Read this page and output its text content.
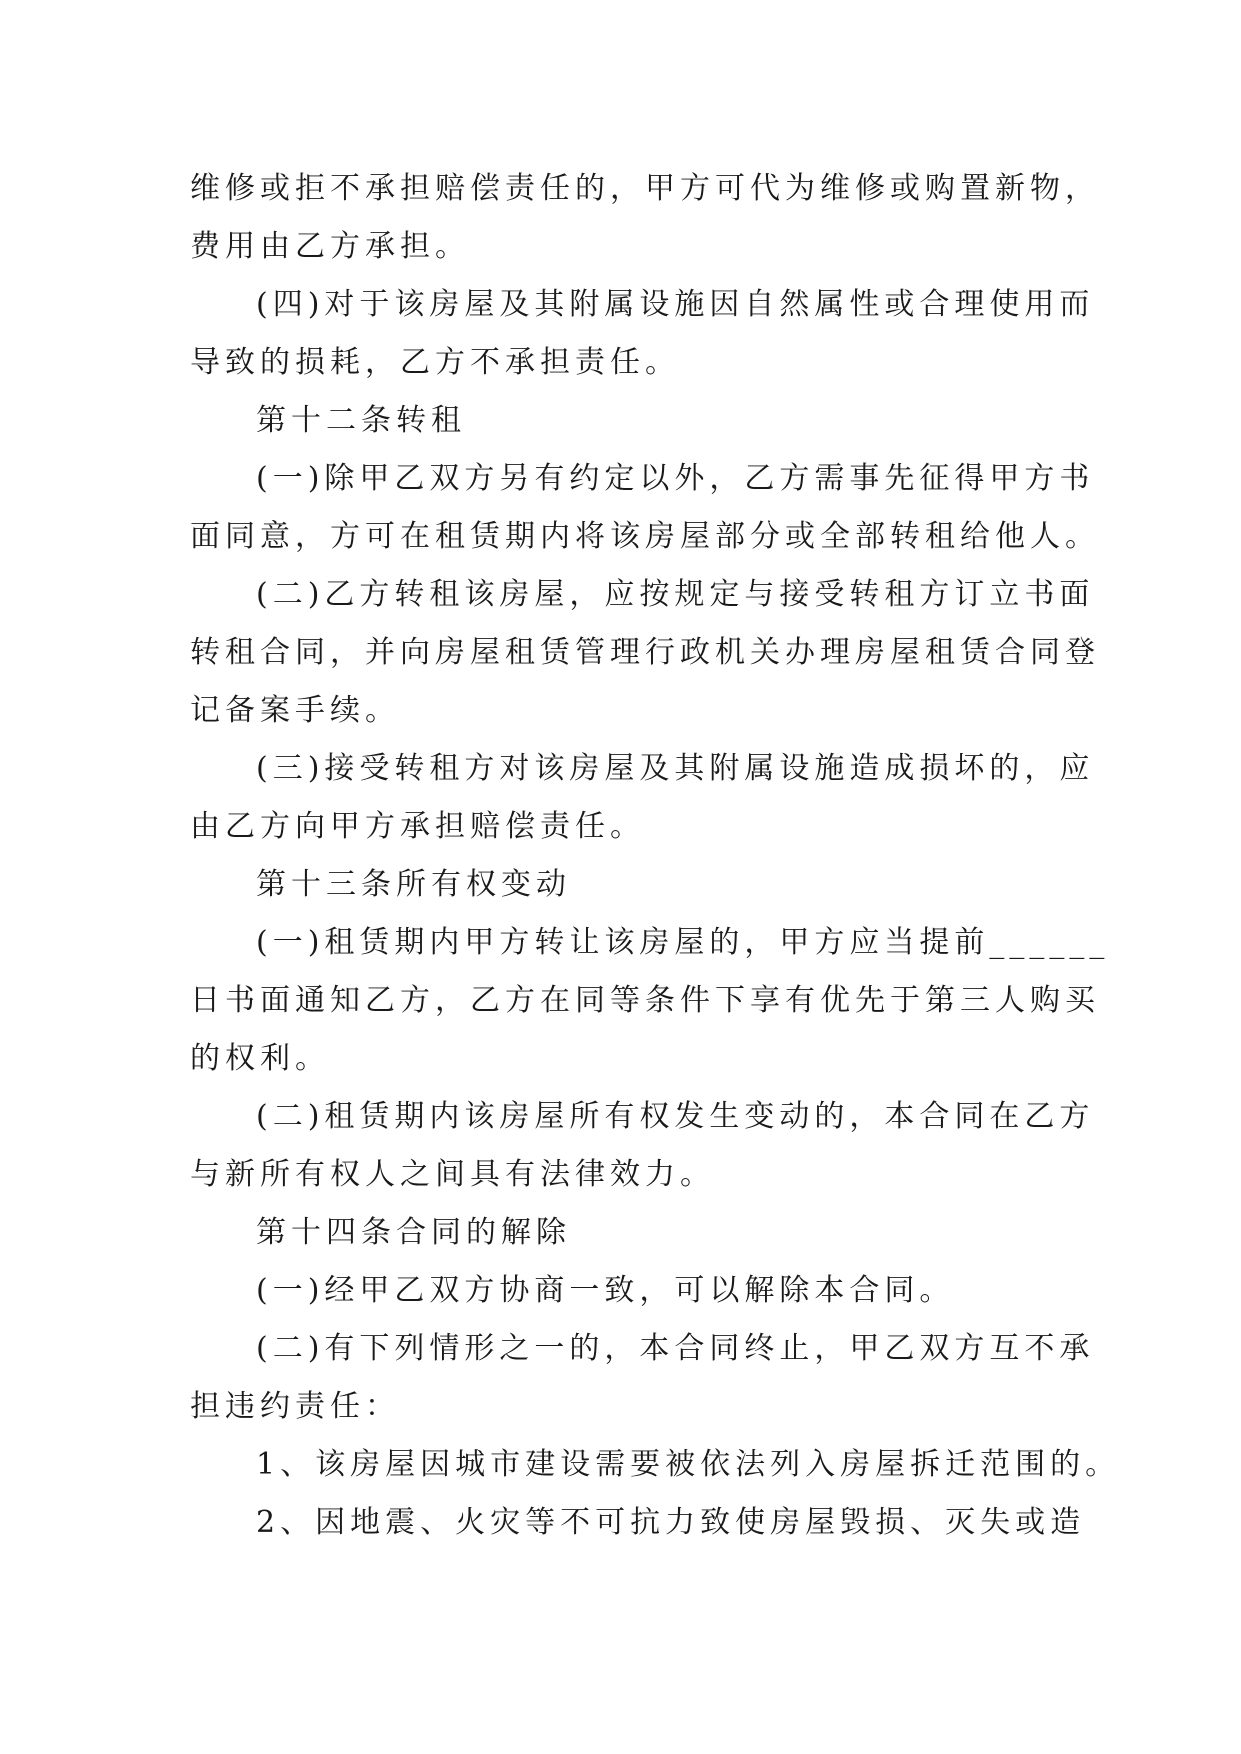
维修或拒不承担赔偿责任的，甲方可代为维修或购置新物，
费用由乙方承担。
(四)对于该房屋及其附属设施因自然属性或合理使用而
导致的损耗，乙方不承担责任。
第十二条转租
(一)除甲乙双方另有约定以外，乙方需事先征得甲方书
面同意，方可在租赁期内将该房屋部分或全部转租给他人。
(二)乙方转租该房屋，应按规定与接受转租方订立书面
转租合同，并向房屋租赁管理行政机关办理房屋租赁合同登
记备案手续。
(三)接受转租方对该房屋及其附属设施造成损坏的，应
由乙方向甲方承担赔偿责任。
第十三条所有权变动
(一)租赁期内甲方转让该房屋的，甲方应当提前______
日书面通知乙方，乙方在同等条件下享有优先于第三人购买
的权利。
(二)租赁期内该房屋所有权发生变动的，本合同在乙方
与新所有权人之间具有法律效力。
第十四条合同的解除
(一)经甲乙双方协商一致，可以解除本合同。
(二)有下列情形之一的，本合同终止，甲乙双方互不承
担违约责任：
1、该房屋因城市建设需要被依法列入房屋拆迁范围的。
2、因地震、火灾等不可抗力致使房屋毁损、灭失或造
